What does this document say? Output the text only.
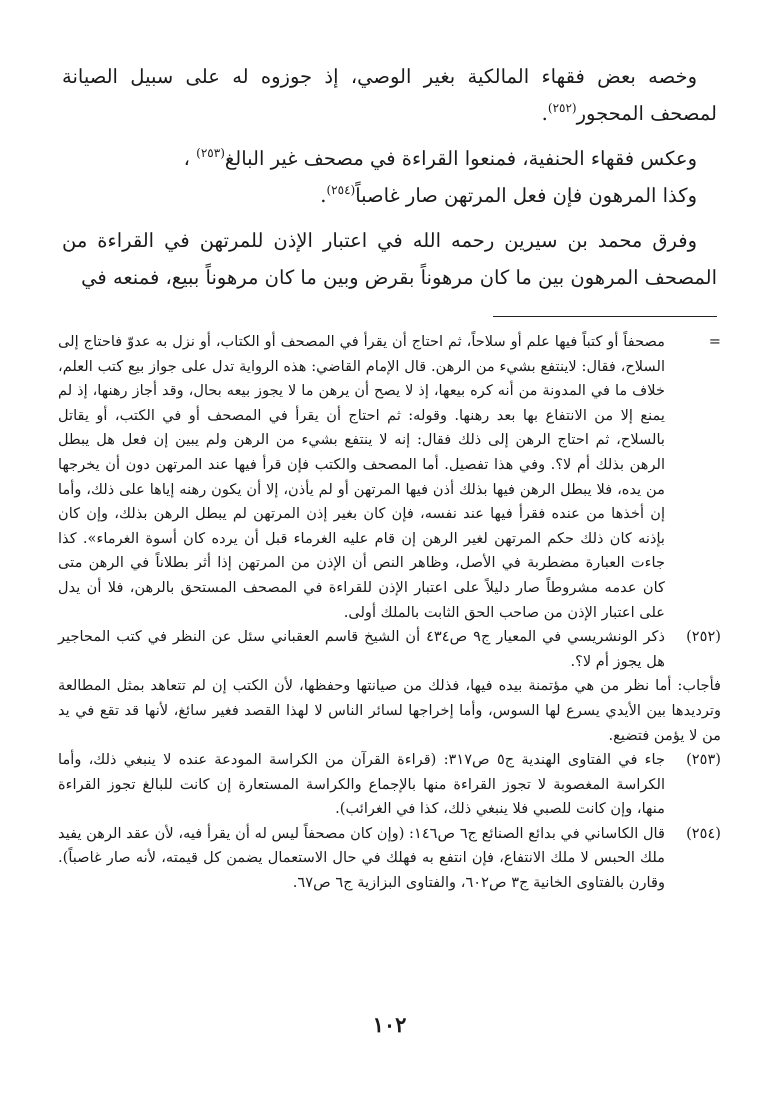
وخصه بعض فقهاء المالكية بغير الوصي، إذ جوزوه له على سبيل الصيانة لمصحف المحجور$^{(٢٥٢)}$.

وعكس فقهاء الحنفية، فمنعوا القراءة في مصحف غير البالغ$^{(٢٥٣)}$ ،

وكذا المرهون فإن فعل المرتهن صار غاصباً$^{(٢٥٤)}$.

وفرق محمد بن سيرين رحمه الله في اعتبار الإذن للمرتهن في القراءة من المصحف المرهون بين ما كان مرهوناً بقرض وبين ما كان مرهوناً ببيع، فمنعه في

=
مصحفاً أو كتباً فيها علم أو سلاحاً، ثم احتاج أن يقرأ في المصحف أو الكتاب، أو نزل به عدوّ فاحتاج إلى السلاح، فقال: لاينتفع بشيء من الرهن. قال الإمام القاضي: هذه الرواية تدل على جواز بيع كتب العلم، خلاف ما في المدونة من أنه كره بيعها، إذ لا يصح أن يرهن ما لا يجوز بيعه بحال، وقد أجاز رهنها، إذ لم يمنع إلا من الانتفاع بها بعد رهنها. وقوله: ثم احتاج أن يقرأ في المصحف أو في الكتب، أو يقاتل بالسلاح، ثم احتاج الرهن إلى ذلك فقال: إنه لا ينتفع بشيء من الرهن ولم يبين إن فعل هل يبطل الرهن بذلك أم لا؟. وفي هذا تفصيل. أما المصحف والكتب فإن قرأ فيها عند المرتهن دون أن يخرجها من يده، فلا يبطل الرهن فيها بذلك أذن فيها المرتهن أو لم يأذن، إلا أن يكون رهنه إياها على ذلك، وأما إن أخذها من عنده فقرأ فيها عند نفسه، فإن كان بغير إذن المرتهن لم يبطل الرهن بذلك، وإن كان بإذنه كان ذلك حكم المرتهن لغير الرهن إن قام عليه الغرماء قبل أن يرده كان أسوة الغرماء». كذا جاءت العبارة مضطربة في الأصل، وظاهر النص أن الإذن من المرتهن إذا أثر بطلاناً في الرهن متى كان عدمه مشروطاً صار دليلاً على اعتبار الإذن للقراءة في المصحف المستحق بالرهن، فلا أن يدل على اعتبار الإذن من صاحب الحق الثابت بالملك أولى.

(٢٥٢)
ذكر الونشريسي في المعيار ج٩ ص٤٣٤ أن الشيخ قاسم العقباني سئل عن النظر في كتب المحاجير هل يجوز أم لا؟.

فأجاب: أما نظر من هي مؤتمنة بيده فيها، فذلك من صيانتها وحفظها، لأن الكتب إن لم تتعاهد بمثل المطالعة وترديدها بين الأيدي يسرع لها السوس، وأما إخراجها لسائر الناس لا لهذا القصد فغير سائغ، لأنها قد تقع في يد من لا يؤمن فتضيع.

(٢٥٣)
جاء في الفتاوى الهندية ج٥ ص٣١٧: (قراءة القرآن من الكراسة المودعة عنده لا ينبغي ذلك، وأما الكراسة المغصوبة لا تجوز القراءة منها بالإجماع والكراسة المستعارة إن كانت للبالغ تجوز القراءة منها، وإن كانت للصبي فلا ينبغي ذلك، كذا في الغرائب).

(٢٥٤)
قال الكاساني في بدائع الصنائع ج٦ ص١٤٦: (وإن كان مصحفاً ليس له أن يقرأ فيه، لأن عقد الرهن يفيد ملك الحبس لا ملك الانتفاع، فإن انتفع به فهلك في حال الاستعمال يضمن كل قيمته، لأنه صار غاصباً). وقارن بالفتاوى الخانية ج٣ ص٦٠٢، والفتاوى البزازية ج٦ ص٦٧.

١٠٢
